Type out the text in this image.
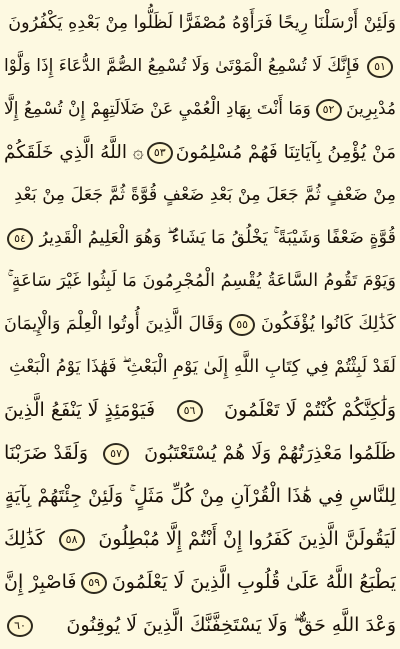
وَلَئِنْ أَرْسَلْنَا رِيحًا فَرَأَوْهُ مُصْفَرًّا لَظَلُّوا مِنْ بَعْدِهِ يَكْفُرُونَ
٥١
فَإِنَّكَ لَا تُسْمِعُ الْمَوْتَىٰ وَلَا تُسْمِعُ الصُّمَّ الدُّعَاءَ إِذَا وَلَّوْا
مُدْبِرِينَ
٥٢
وَمَا أَنْتَ بِهَادِ الْعُمْيِ عَنْ ضَلَالَتِهِمْ إِنْ تُسْمِعُ إِلَّا
مَنْ يُؤْمِنُ بِآيَاتِنَا فَهُمْ مُسْلِمُونَ
٥٣
۞ اللَّهُ الَّذِي خَلَقَكُمْ
مِنْ ضَعْفٍ ثُمَّ جَعَلَ مِنْ بَعْدِ ضَعْفٍ قُوَّةً ثُمَّ جَعَلَ مِنْ بَعْدِ
قُوَّةٍ ضَعْفًا وَشَيْبَةً ۚ يَخْلُقُ مَا يَشَاءُ ۖ وَهُوَ الْعَلِيمُ الْقَدِيرُ
٥٤
وَيَوْمَ تَقُومُ السَّاعَةُ يُقْسِمُ الْمُجْرِمُونَ مَا لَبِثُوا غَيْرَ سَاعَةٍ ۚ
كَذَٰلِكَ كَانُوا يُؤْفَكُونَ
٥٥
وَقَالَ الَّذِينَ أُوتُوا الْعِلْمَ وَالْإِيمَانَ
لَقَدْ لَبِثْتُمْ فِي كِتَابِ اللَّهِ إِلَىٰ يَوْمِ الْبَعْثِ ۖ فَهَٰذَا يَوْمُ الْبَعْثِ
وَلَٰكِنَّكُمْ كُنْتُمْ لَا تَعْلَمُونَ
٥٦
فَيَوْمَئِذٍ لَا يَنْفَعُ الَّذِينَ
ظَلَمُوا مَعْذِرَتُهُمْ وَلَا هُمْ يُسْتَعْتَبُونَ
٥٧
وَلَقَدْ ضَرَبْنَا
لِلنَّاسِ فِي هَٰذَا الْقُرْآنِ مِنْ كُلِّ مَثَلٍ ۚ وَلَئِنْ جِئْتَهُمْ بِآيَةٍ
لَيَقُولَنَّ الَّذِينَ كَفَرُوا إِنْ أَنْتُمْ إِلَّا مُبْطِلُونَ
٥٨
كَذَٰلِكَ
يَطْبَعُ اللَّهُ عَلَىٰ قُلُوبِ الَّذِينَ لَا يَعْلَمُونَ
٥٩
فَاصْبِرْ إِنَّ
وَعْدَ اللَّهِ حَقٌّ ۖ وَلَا يَسْتَخِفَّنَّكَ الَّذِينَ لَا يُوقِنُونَ
٦٠
